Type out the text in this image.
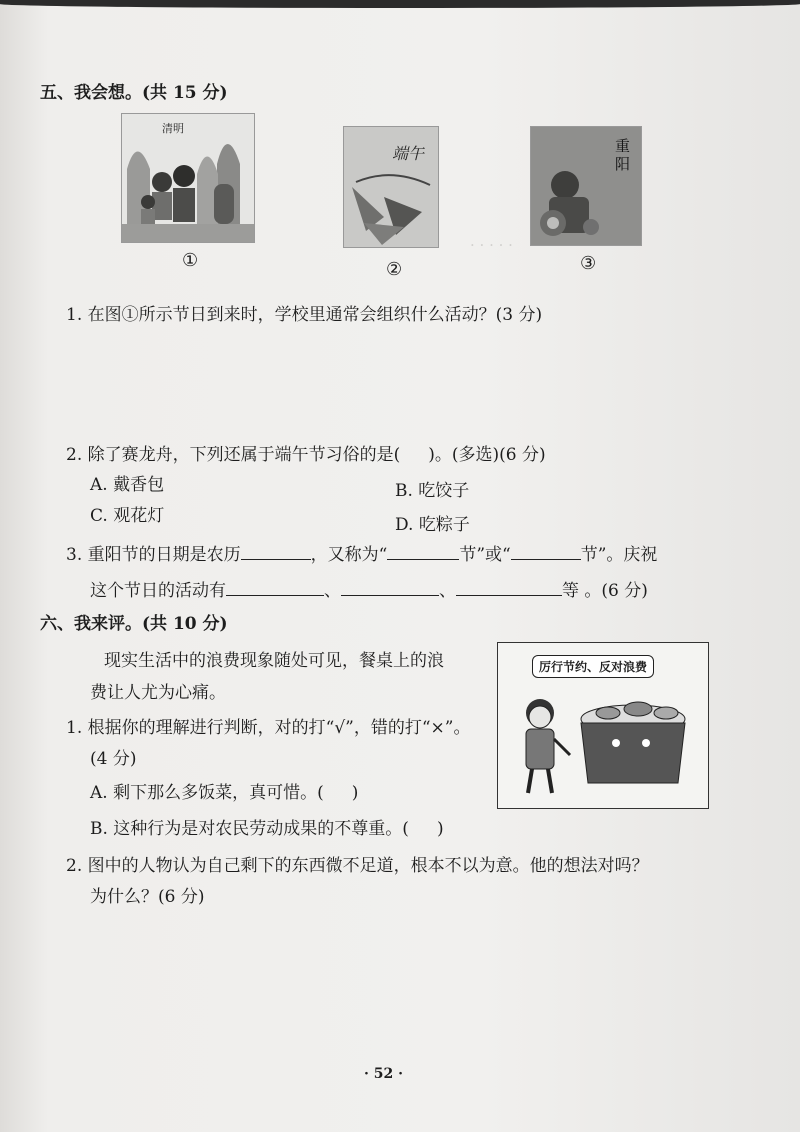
· · · · ·
五、我会想。(共 15 分)
清明
①
端午
②
重阳
③
1. 在图①所示节日到来时，学校里通常会组织什么活动？(3 分)
2. 除了赛龙舟，下列还属于端午节习俗的是( )。(多选)(6 分)
A. 戴香包	B. 吃饺子
C. 观花灯	D. 吃粽子
3. 重阳节的日期是农历	，又称为“	节”或“	节”。庆祝
这个节日的活动有	、	、	等 。(6 分)
六、我来评。(共 10 分)
现实生活中的浪费现象随处可见，餐桌上的浪
费让人尤为心痛。
厉行节约、反对浪费
1. 根据你的理解进行判断，对的打“√”，错的打“×”。
(4 分)
A. 剩下那么多饭菜，真可惜。( )
B. 这种行为是对农民劳动成果的不尊重。( )
2. 图中的人物认为自己剩下的东西微不足道，根本不以为意。他的想法对吗？
为什么？(6 分)
· 52 ·
